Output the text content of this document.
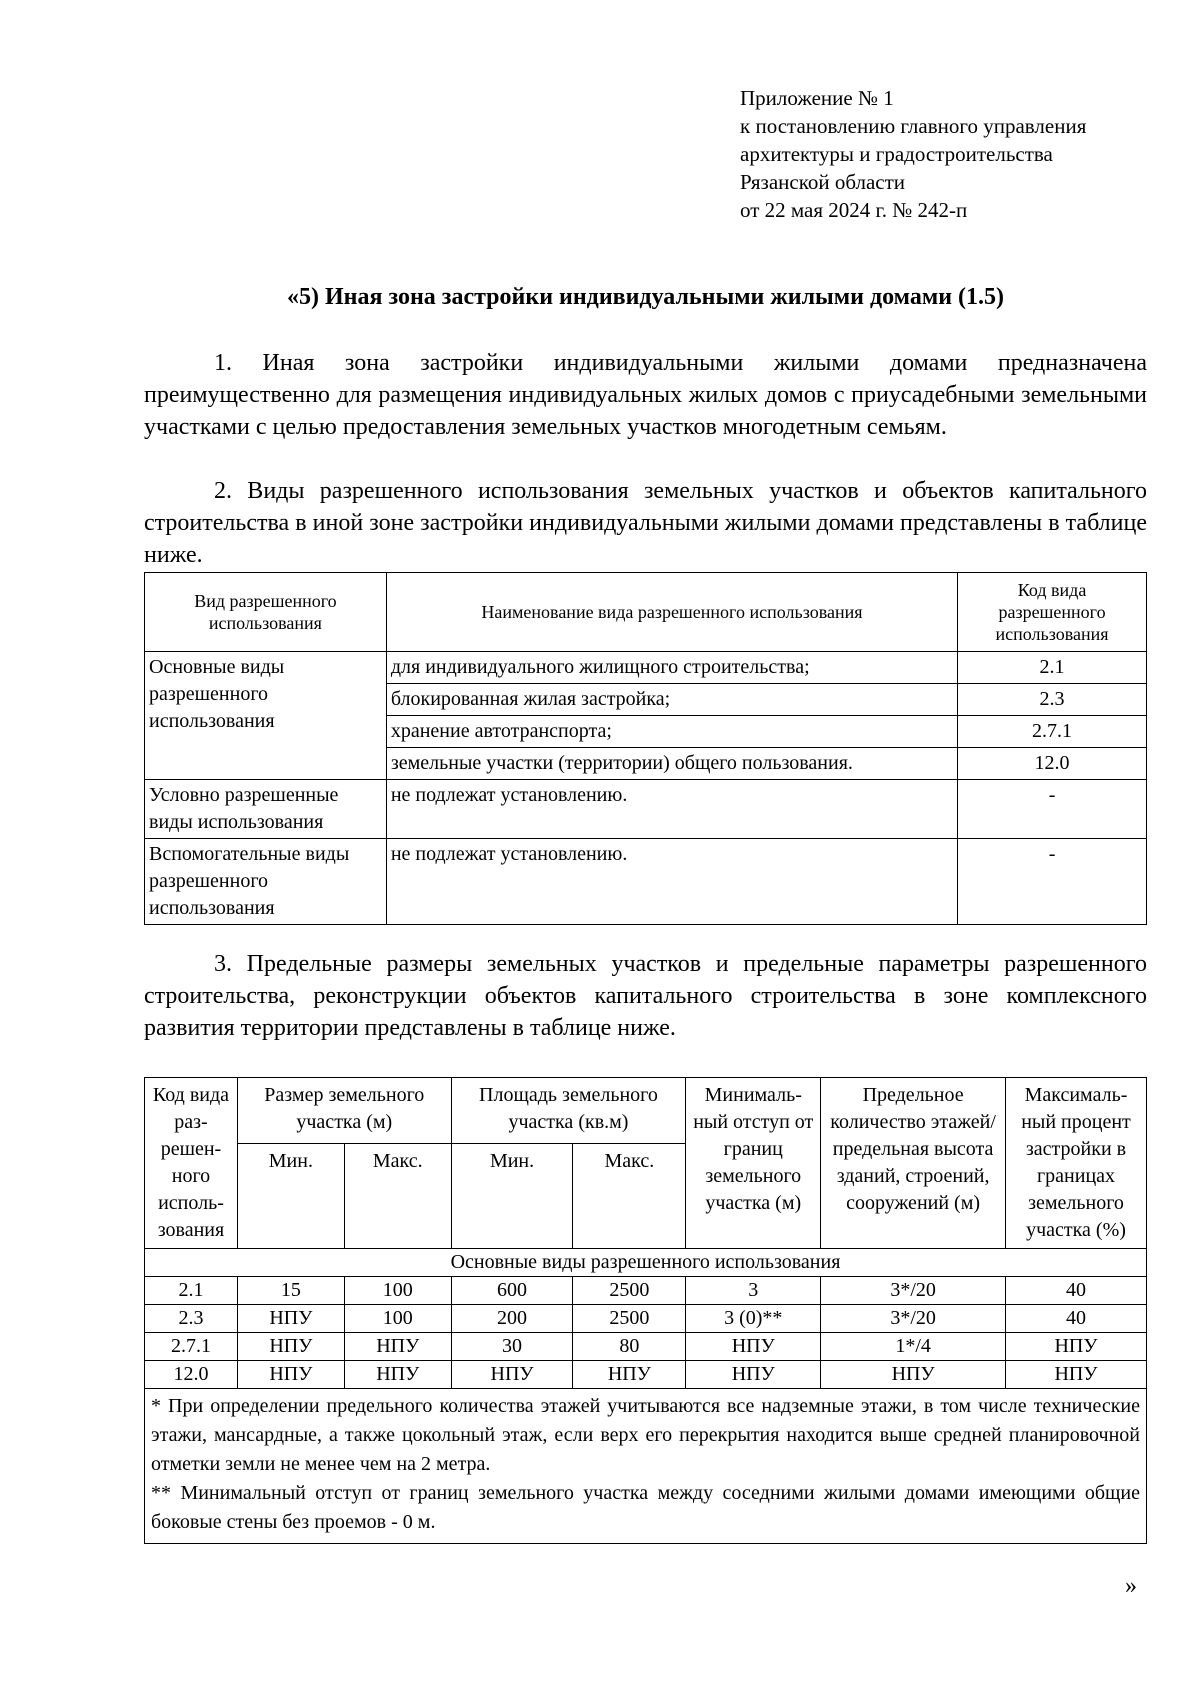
Приложение № 1
к постановлению главного управления
архитектуры и градостроительства
Рязанской области
от 22 мая 2024 г. № 242-п
«5) Иная зона застройки индивидуальными жилыми домами (1.5)
1. Иная зона застройки индивидуальными жилыми домами предназначена преимущественно для размещения индивидуальных жилых домов с приусадебными земельными участками с целью предоставления земельных участков многодетным семьям.
2. Виды разрешенного использования земельных участков и объектов капитального строительства в иной зоне застройки индивидуальными жилыми домами представлены в таблице ниже.
Вид разрешенного использования	Наименование вида разрешенного использования	Код вида разрешенного использования
Основные виды разрешенного использования	для индивидуального жилищного строительства;	2.1
	блокированная жилая застройка;	2.3
	хранение автотранспорта;	2.7.1
	земельные участки (территории) общего пользования.	12.0
Условно разрешенные виды использования	не подлежат установлению.	-
Вспомогательные виды разрешенного использования	не подлежат установлению.	-
3. Предельные размеры земельных участков и предельные параметры разрешенного строительства, реконструкции объектов капитального строительства в зоне комплексного развития территории представлены в таблице ниже.
Код вида раз-решен-ного исполь-зования	Размер земельного участка (м)		Площадь земельного участка (кв.м)		Минималь-ный отступ от границ земельного участка (м)	Предельное количество этажей/ предельная высота зданий, строений, сооружений (м)	Максималь-ный процент застройки в границах земельного участка (%)
	Мин.	Макс.	Мин.	Макс.			
Основные виды разрешенного использования							
2.1	15	100	600	2500	3	3*/20	40
2.3	НПУ	100	200	2500	3 (0)**	3*/20	40
2.7.1	НПУ	НПУ	30	80	НПУ	1*/4	НПУ
12.0	НПУ	НПУ	НПУ	НПУ	НПУ	НПУ	НПУ

* При определении предельного количества этажей учитываются все надземные этажи, в том числе технические этажи, мансардные, а также цокольный этаж, если верх его перекрытия находится выше средней планировочной отметки земли не менее чем на 2 метра.
** Минимальный отступ от границ земельного участка между соседними жилыми домами имеющими общие боковые стены без проемов - 0 м.							
»
